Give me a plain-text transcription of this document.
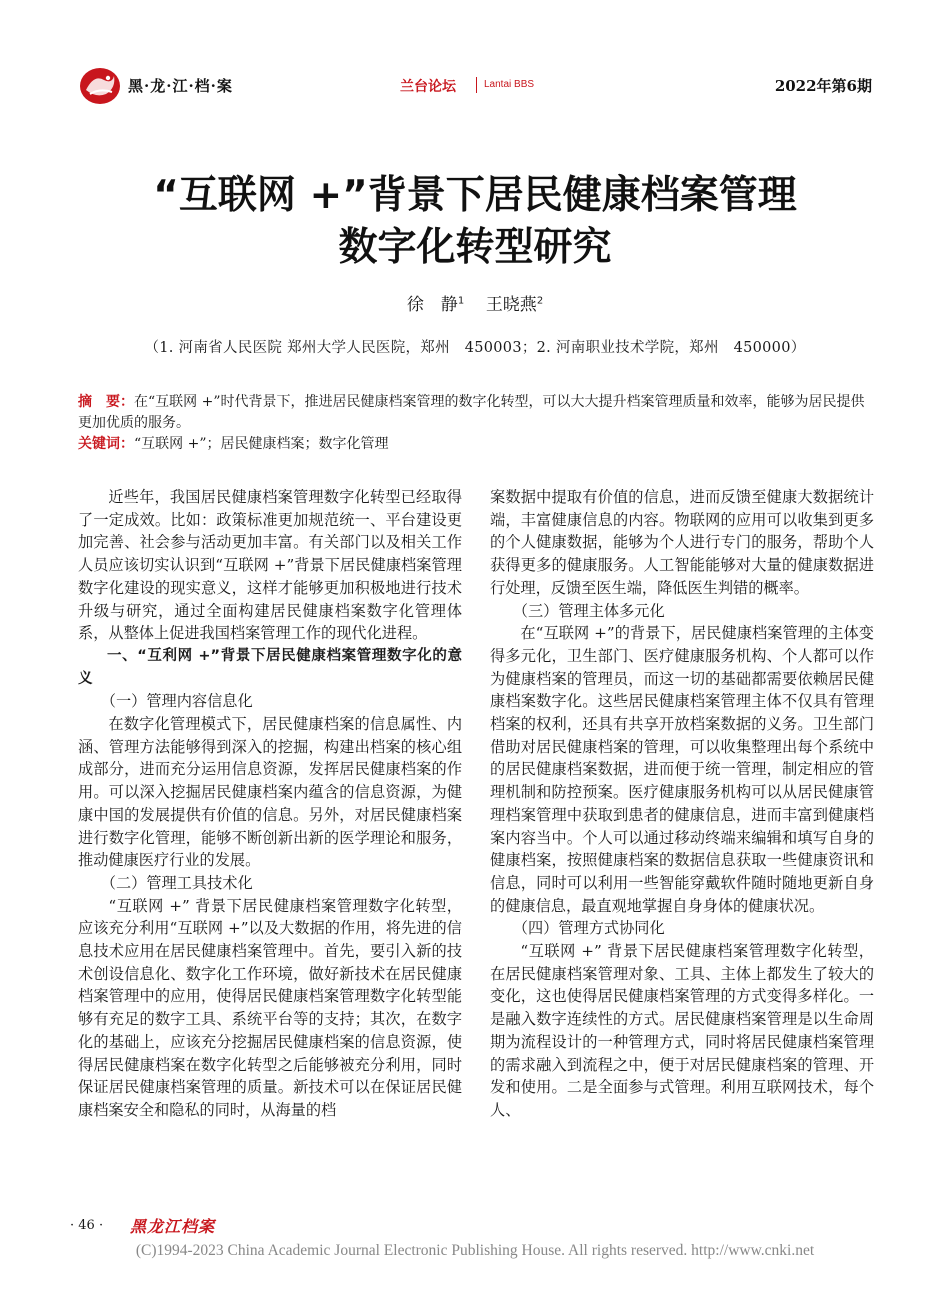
黑·龙·江·档·案	兰台论坛	Lantai BBS	2022年第6期
“互联网 +”背景下居民健康档案管理
数字化转型研究
徐　静$^1$ 王晓燕$^2$
（1. 河南省人民医院 郑州大学人民医院，郑州　450003；2. 河南职业技术学院，郑州　450000）
摘　要：在“互联网 +”时代背景下，推进居民健康档案管理的数字化转型，可以大大提升档案管理质量和效率，能够为居民提供更加优质的服务。
关键词：“互联网 +”；居民健康档案；数字化管理

近些年，我国居民健康档案管理数字化转型已经取得了一定成效。比如：政策标准更加规范统一、平台建设更加完善、社会参与活动更加丰富。有关部门以及相关工作人员应该切实认识到“互联网 +”背景下居民健康档案管理数字化建设的现实意义，这样才能够更加积极地进行技术升级与研究，通过全面构建居民健康档案数字化管理体系，从整体上促进我国档案管理工作的现代化进程。

一、“互利网 +”背景下居民健康档案管理数字化的意义

（一）管理内容信息化

在数字化管理模式下，居民健康档案的信息属性、内涵、管理方法能够得到深入的挖掘，构建出档案的核心组成部分，进而充分运用信息资源，发挥居民健康档案的作用。可以深入挖掘居民健康档案内蕴含的信息资源，为健康中国的发展提供有价值的信息。另外，对居民健康档案进行数字化管理，能够不断创新出新的医学理论和服务，推动健康医疗行业的发展。

（二）管理工具技术化

“互联网 +” 背景下居民健康档案管理数字化转型，应该充分利用“互联网 +”以及大数据的作用，将先进的信息技术应用在居民健康档案管理中。首先，要引入新的技术创设信息化、数字化工作环境，做好新技术在居民健康档案管理中的应用，使得居民健康档案管理数字化转型能够有充足的数字工具、系统平台等的支持；其次，在数字化的基础上，应该充分挖掘居民健康档案的信息资源，使得居民健康档案在数字化转型之后能够被充分利用，同时保证居民健康档案管理的质量。新技术可以在保证居民健康档案安全和隐私的同时，从海量的档

案数据中提取有价值的信息，进而反馈至健康大数据统计端，丰富健康信息的内容。物联网的应用可以收集到更多的个人健康数据，能够为个人进行专门的服务，帮助个人获得更多的健康服务。人工智能能够对大量的健康数据进行处理，反馈至医生端，降低医生判错的概率。

（三）管理主体多元化

在“互联网 +”的背景下，居民健康档案管理的主体变得多元化，卫生部门、医疗健康服务机构、个人都可以作为健康档案的管理员，而这一切的基础都需要依赖居民健康档案数字化。这些居民健康档案管理主体不仅具有管理档案的权利，还具有共享开放档案数据的义务。卫生部门借助对居民健康档案的管理，可以收集整理出每个系统中的居民健康档案数据，进而便于统一管理，制定相应的管理机制和防控预案。医疗健康服务机构可以从居民健康管理档案管理中获取到患者的健康信息，进而丰富到健康档案内容当中。个人可以通过移动终端来编辑和填写自身的健康档案，按照健康档案的数据信息获取一些健康资讯和信息，同时可以利用一些智能穿戴软件随时随地更新自身的健康信息，最直观地掌握自身身体的健康状况。

（四）管理方式协同化

“互联网 +” 背景下居民健康档案管理数字化转型，在居民健康档案管理对象、工具、主体上都发生了较大的变化，这也使得居民健康档案管理的方式变得多样化。一是融入数字连续性的方式。居民健康档案管理是以生命周期为流程设计的一种管理方式，同时将居民健康档案管理的需求融入到流程之中，便于对居民健康档案的管理、开发和使用。二是全面参与式管理。利用互联网技术，每个人、

· 46 · 黑龙江档案
(C)1994-2023 China Academic Journal Electronic Publishing House. All rights reserved. http://www.cnki.net
